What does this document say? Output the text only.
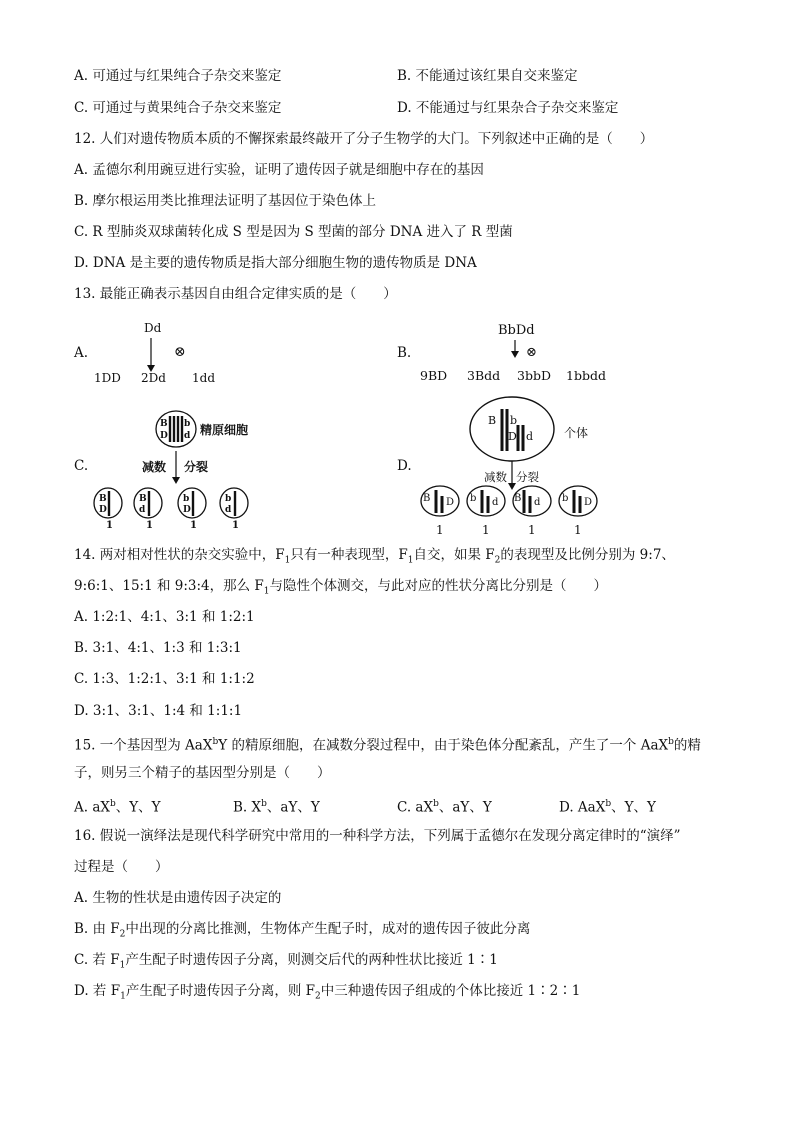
A. 可通过与红果纯合子杂交来鉴定	B. 不能通过该红果自交来鉴定
C. 可通过与黄果纯合子杂交来鉴定	D. 不能通过与红果杂合子杂交来鉴定
12. 人们对遗传物质本质的不懈探索最终敲开了分子生物学的大门。下列叙述中正确的是（　　）
A. 孟德尔利用豌豆进行实验，证明了遗传因子就是细胞中存在的基因
B. 摩尔根运用类比推理法证明了基因位于染色体上
C. R 型肺炎双球菌转化成 S 型是因为 S 型菌的部分 DNA 进入了 R 型菌
D. DNA 是主要的遗传物质是指大部分细胞生物的遗传物质是 DNA
13. 最能正确表示基因自由组合定律实质的是（　　）
A.
Dd
⊗
1DD 2Dd 1dd
B.
BbDd
⊗
9BD 3Bdd 3bbD 1bbdd
C.
B
D
b
d 精原细胞
减数 分裂
B
D
B
d
b
D
b
d
1	1	1	1
D.
B b
D d	个体
减数 分裂
B D b d B d b D
1	1	1	1
14. 两对相对性状的杂交实验中，$F_1$只有一种表现型，$F_1$自交，如果 $F_2$的表现型及比例分别为 9:7、
9:6:1、15:1 和 9:3:4，那么 $F_1$与隐性个体测交，与此对应的性状分离比分别是（　　）
A. 1:2:1、4:1、3:1 和 1:2:1
B. 3:1、4:1、1:3 和 1:3:1
C. 1:3、1:2:1、3:1 和 1:1:2
D. 3:1、3:1、1:4 和 1:1:1
15. 一个基因型为 AaX$^b$Y 的精原细胞，在减数分裂过程中，由于染色体分配紊乱，产生了一个 AaX$^b$的精
子，则另三个精子的基因型分别是（　　）
A. $aX^b$、Y、Y	B. $X^b$、aY、Y	C. $aX^b$、aY、Y	D. AaX$^b$、Y、Y
16. 假说一演绎法是现代科学研究中常用的一种科学方法，下列属于孟德尔在发现分离定律时的“演绎”
过程是（　　）
A. 生物的性状是由遗传因子决定的
B. 由 $F_2$中出现的分离比推测，生物体产生配子时，成对的遗传因子彼此分离
C. 若 $F_1$产生配子时遗传因子分离，则测交后代的两种性状比接近 1∶1
D. 若 $F_1$产生配子时遗传因子分离，则 $F_2$中三种遗传因子组成的个体比接近 1∶2∶1
